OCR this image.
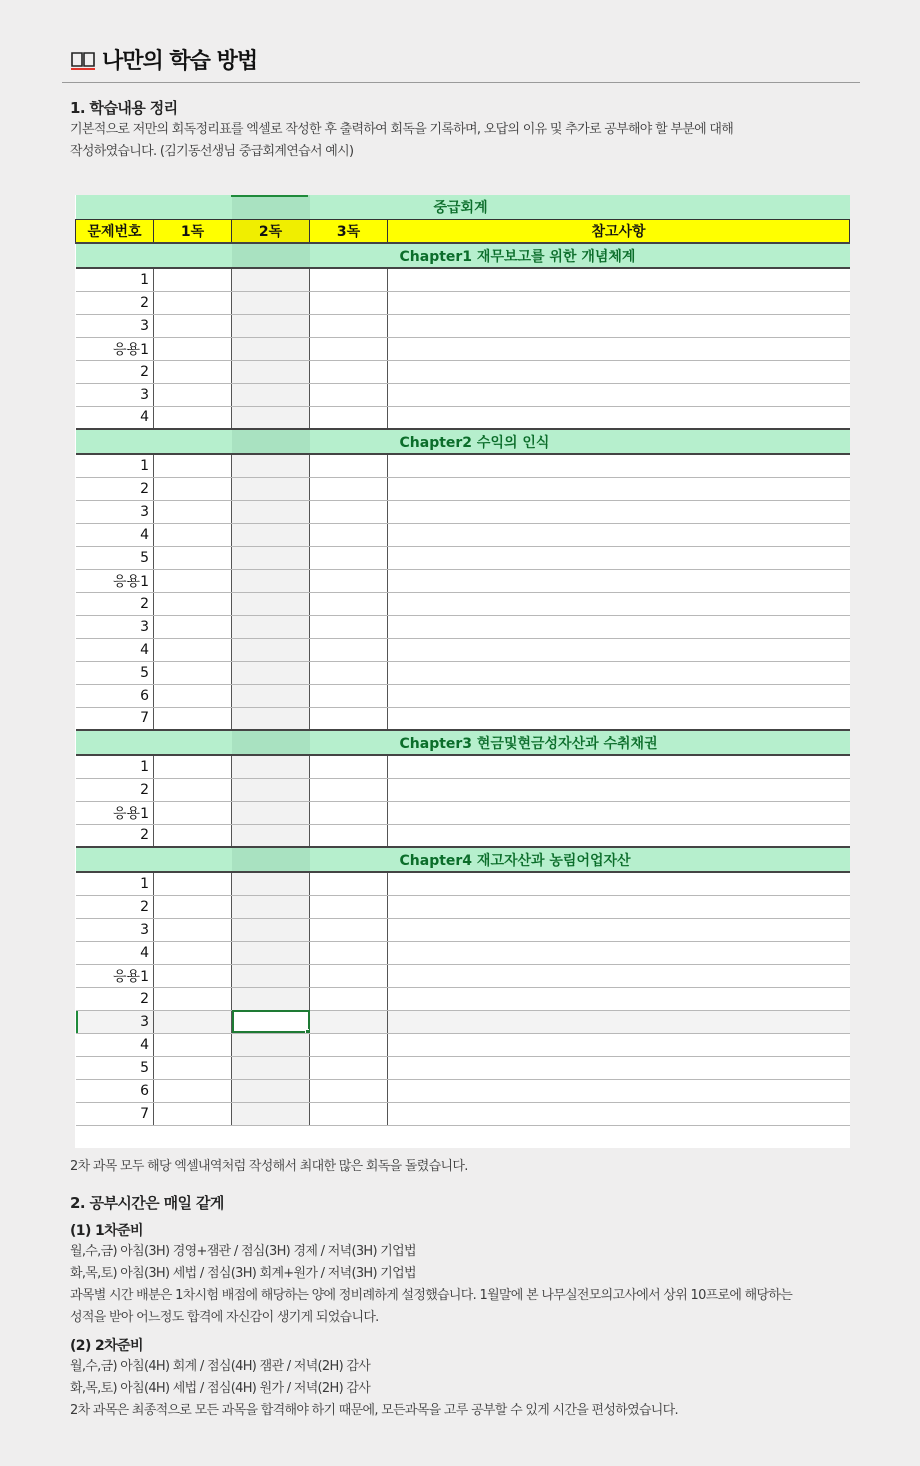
나만의 학습 방법
1. 학습내용 정리
기본적으로 저만의 회독정리표를 엑셀로 작성한 후 출력하여 회독을 기록하며, 오답의 이유 및 추가로 공부해야 할 부분에 대해
작성하였습니다. (김기동선생님 중급회계연습서 예시)
				중급회계
문제번호	1독	2독	3독	참고사항
				Chapter1 재무보고를 위한 개념체계
1				
2				
3				
응용1				
2				
3				
4				
				Chapter2 수익의 인식
1				
2				
3				
4				
5				
응용1				
2				
3				
4				
5				
6				
7				
				Chapter3 현금및현금성자산과 수취채권
1				
2				
응용1				
2				
				Chapter4 재고자산과 농림어업자산
1				
2				
3				
4				
응용1				
2				
3		

4				
5				
6				
7				
2차 과목 모두 해당 엑셀내역처럼 작성해서 최대한 많은 회독을 돌렸습니다.
2. 공부시간은 매일 같게
(1) 1차준비
월,수,금) 아침(3H) 경영+잼관 / 점심(3H) 경제 / 저녁(3H) 기업법
화,목,토) 아침(3H) 세법 / 점심(3H) 회계+원가 / 저녁(3H) 기업법
과목별 시간 배분은 1차시험 배점에 해당하는 양에 정비례하게 설정했습니다. 1월말에 본 나무실전모의고사에서 상위 10프로에 해당하는
성적을 받아 어느정도 합격에 자신감이 생기게 되었습니다.
(2) 2차준비
월,수,금) 아침(4H) 회계 / 점심(4H) 잼관 / 저녁(2H) 감사
화,목,토) 아침(4H) 세법 / 점심(4H) 원가 / 저녁(2H) 감사
2차 과목은 최종적으로 모든 과목을 합격해야 하기 때문에, 모든과목을 고루 공부할 수 있게 시간을 편성하였습니다.
